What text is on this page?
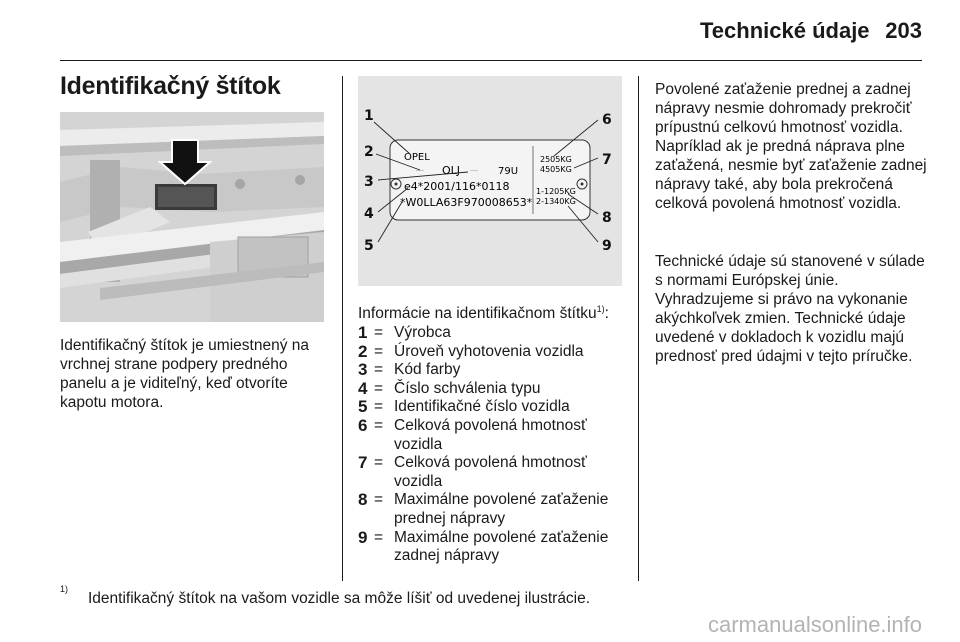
Technické údaje 203
Identifikačný štítok

Identifikačný štítok je umiestnený na vrchnej strane podpery predného panelu a je viditeľný, keď otvoríte kapotu motora.

OPEL
—— OLJ —— 79U
e4*2001/116*0118
*W0LLA63F970008653*
2505KG
4505KG
1-1205KG
2-1340KG
1
2
3
4
5
6
7
8
9

Informácie na identifikačnom štítku$^{1)}$:

1 = Výrobca
2 = Úroveň vyhotovenia vozidla
3 = Kód farby
4 = Číslo schválenia typu
5 = Identifikačné číslo vozidla
6 = Celková povolená hmotnosť vozidla
7 = Celková povolená hmotnosť vozidla
8 = Maximálne povolené zaťaženie prednej nápravy
9 = Maximálne povolené zaťaženie zadnej nápravy

Povolené zaťaženie prednej a zadnej nápravy nesmie dohromady prekročiť prípustnú celkovú hmotnosť vozidla. Napríklad ak je predná náprava plne zaťažená, nesmie byť zaťaženie zadnej nápravy také, aby bola prekročená celková povolená hmotnosť vozidla.

Technické údaje sú stanovené v súlade s normami Európskej únie. Vyhradzujeme si právo na vykonanie akýchkoľvek zmien. Technické údaje uvedené v dokladoch k vozidlu majú prednosť pred údajmi v tejto príručke.

1)
Identifikačný štítok na vašom vozidle sa môže líšiť od uvedenej ilustrácie.
carmanualsonline.info
